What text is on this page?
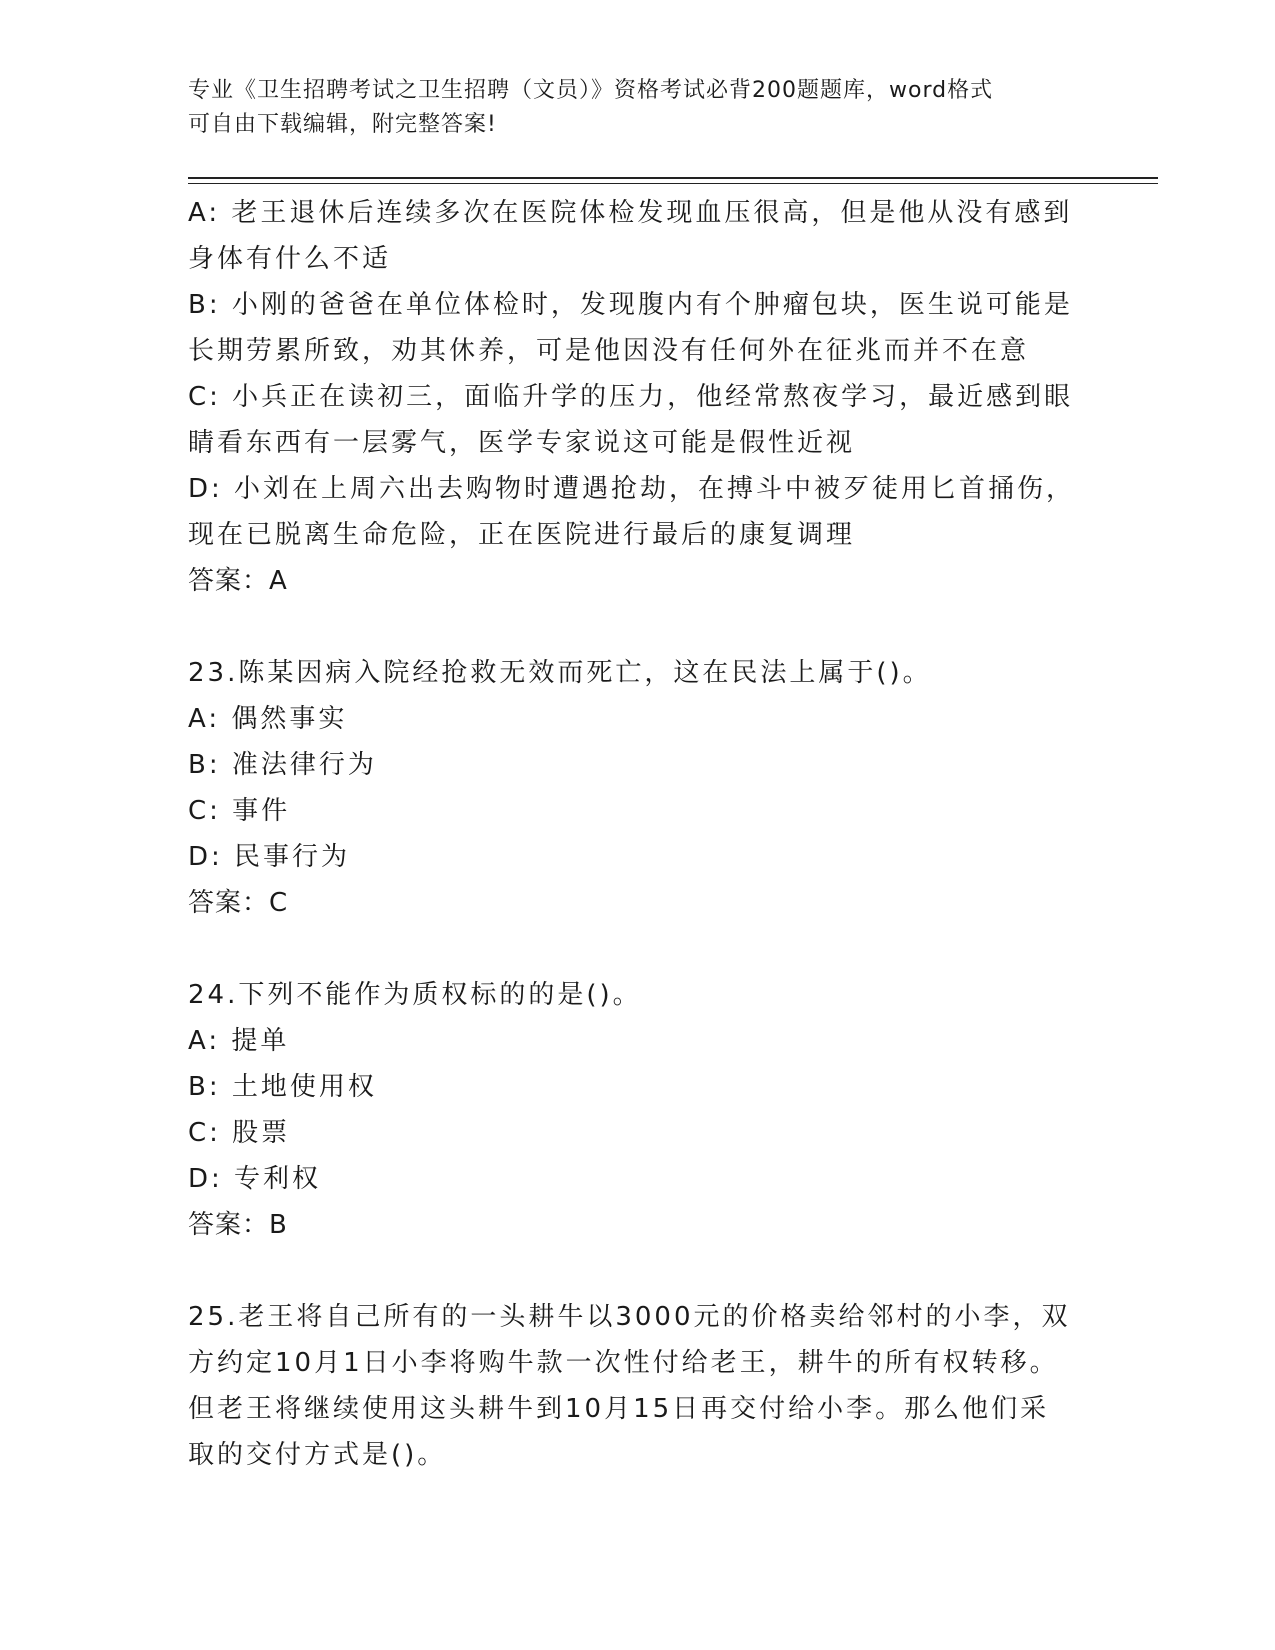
专业《卫生招聘考试之卫生招聘（文员）》资格考试必背200题题库，word格式
可自由下载编辑，附完整答案!
A: 老王退休后连续多次在医院体检发现血压很高，但是他从没有感到
身体有什么不适
B: 小刚的爸爸在单位体检时，发现腹内有个肿瘤包块，医生说可能是
长期劳累所致，劝其休养，可是他因没有任何外在征兆而并不在意
C: 小兵正在读初三，面临升学的压力，他经常熬夜学习，最近感到眼
睛看东西有一层雾气，医学专家说这可能是假性近视
D: 小刘在上周六出去购物时遭遇抢劫，在搏斗中被歹徒用匕首捅伤，
现在已脱离生命危险，正在医院进行最后的康复调理
答案：A
23.陈某因病入院经抢救无效而死亡，这在民法上属于()。
A: 偶然事实
B: 准法律行为
C: 事件
D: 民事行为
答案：C
24.下列不能作为质权标的的是()。
A: 提单
B: 土地使用权
C: 股票
D: 专利权
答案：B
25.老王将自己所有的一头耕牛以3000元的价格卖给邻村的小李，双
方约定10月1日小李将购牛款一次性付给老王，耕牛的所有权转移。
但老王将继续使用这头耕牛到10月15日再交付给小李。那么他们采
取的交付方式是()。
